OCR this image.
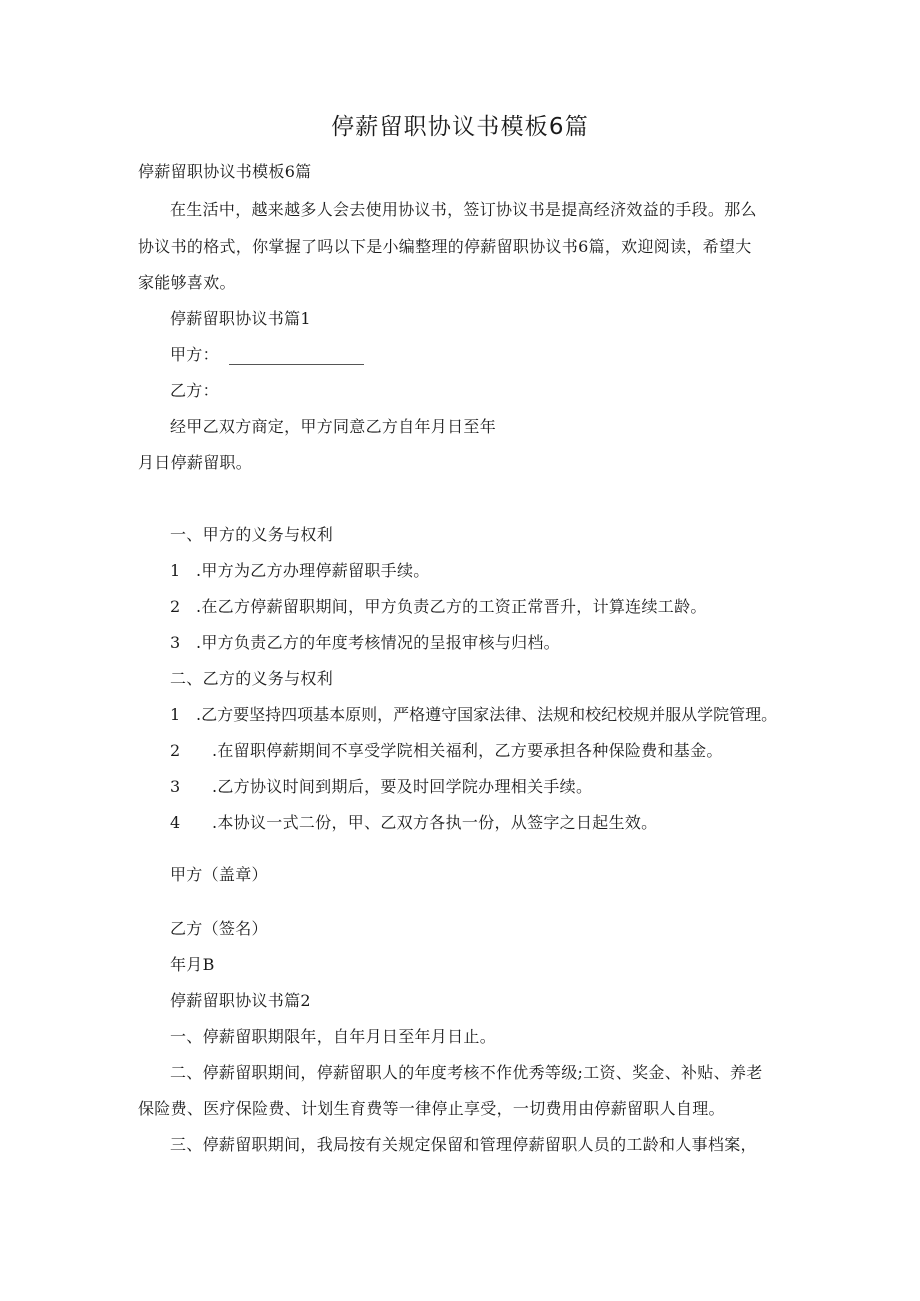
停薪留职协议书模板6篇
停薪留职协议书模板6篇
在生活中，越来越多人会去使用协议书，签订协议书是提高经济效益的手段。那么
协议书的格式，你掌握了吗以下是小编整理的停薪留职协议书6篇，欢迎阅读，希望大
家能够喜欢。
停薪留职协议书篇1
甲方：
乙方：
经甲乙双方商定，甲方同意乙方自年月日至年
月日停薪留职。
一、甲方的义务与权利
1 .甲方为乙方办理停薪留职手续。
2 .在乙方停薪留职期间，甲方负责乙方的工资正常晋升，计算连续工龄。
3 .甲方负责乙方的年度考核情况的呈报审核与归档。
二、乙方的义务与权利
1 .乙方要坚持四项基本原则，严格遵守国家法律、法规和校纪校规并服从学院管理。
2 .在留职停薪期间不享受学院相关福利，乙方要承担各种保险费和基金。
3 .乙方协议时间到期后，要及时回学院办理相关手续。
4 .本协议一式二份，甲、乙双方各执一份，从签字之日起生效。
甲方（盖章）
乙方（签名）
年月B
停薪留职协议书篇2
一、停薪留职期限年，自年月日至年月日止。
二、停薪留职期间，停薪留职人的年度考核不作优秀等级;工资、奖金、补贴、养老
保险费、医疗保险费、计划生育费等一律停止享受，一切费用由停薪留职人自理。
三、停薪留职期间，我局按有关规定保留和管理停薪留职人员的工龄和人事档案，
